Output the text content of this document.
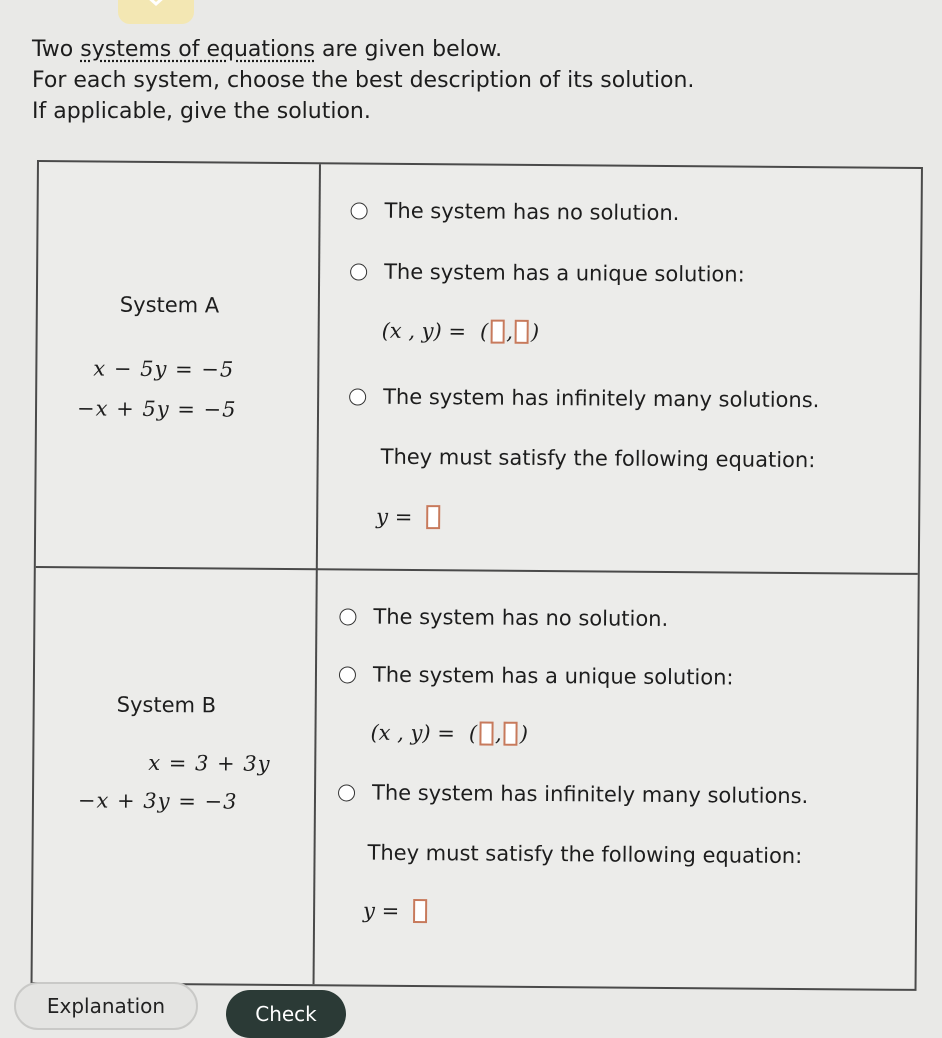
Two systems of equations are given below.
For each system, choose the best description of its solution.
If applicable, give the solution.
System A
x − 5y = −5
−x + 5y = −5
The system has no solution.
The system has a unique solution:
(x , y) = ( , )
The system has infinitely many solutions.
They must satisfy the following equation:
y =
System B
x = 3 + 3y
−x + 3y = −3
The system has no solution.
The system has a unique solution:
(x , y) = ( , )
The system has infinitely many solutions.
They must satisfy the following equation:
y =
Explanation	Check
